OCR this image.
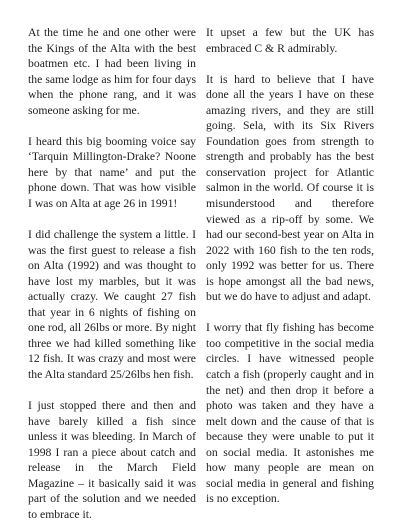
At the time he and one other were the Kings of the Alta with the best boatmen etc. I had been living in the same lodge as him for four days when the phone rang, and it was someone asking for me.

I heard this big booming voice say ‘Tarquin Millington-Drake? Noone here by that name’ and put the phone down. That was how visible I was on Alta at age 26 in 1991!

I did challenge the system a little. I was the first guest to release a fish on Alta (1992) and was thought to have lost my marbles, but it was actually crazy. We caught 27 fish that year in 6 nights of fishing on one rod, all 26lbs or more. By night three we had killed something like 12 fish. It was crazy and most were the Alta standard 25/26lbs hen fish.

I just stopped there and then and have barely killed a fish since unless it was bleeding. In March of 1998 I ran a piece about catch and release in the March Field Magazine – it basically said it was part of the solution and we needed to embrace it.

It upset a few but the UK has embraced C & R admirably.

It is hard to believe that I have done all the years I have on these amazing rivers, and they are still going. Sela, with its Six Rivers Foundation goes from strength to strength and probably has the best conservation project for Atlantic salmon in the world. Of course it is misunderstood and therefore viewed as a rip-off by some. We had our second-best year on Alta in 2022 with 160 fish to the ten rods, only 1992 was better for us. There is hope amongst all the bad news, but we do have to adjust and adapt.

I worry that fly fishing has become too competitive in the social media circles. I have witnessed people catch a fish (properly caught and in the net) and then drop it before a photo was taken and they have a melt down and the cause of that is because they were unable to put it on social media. It astonishes me how many people are mean on social media in general and fishing is no exception.
